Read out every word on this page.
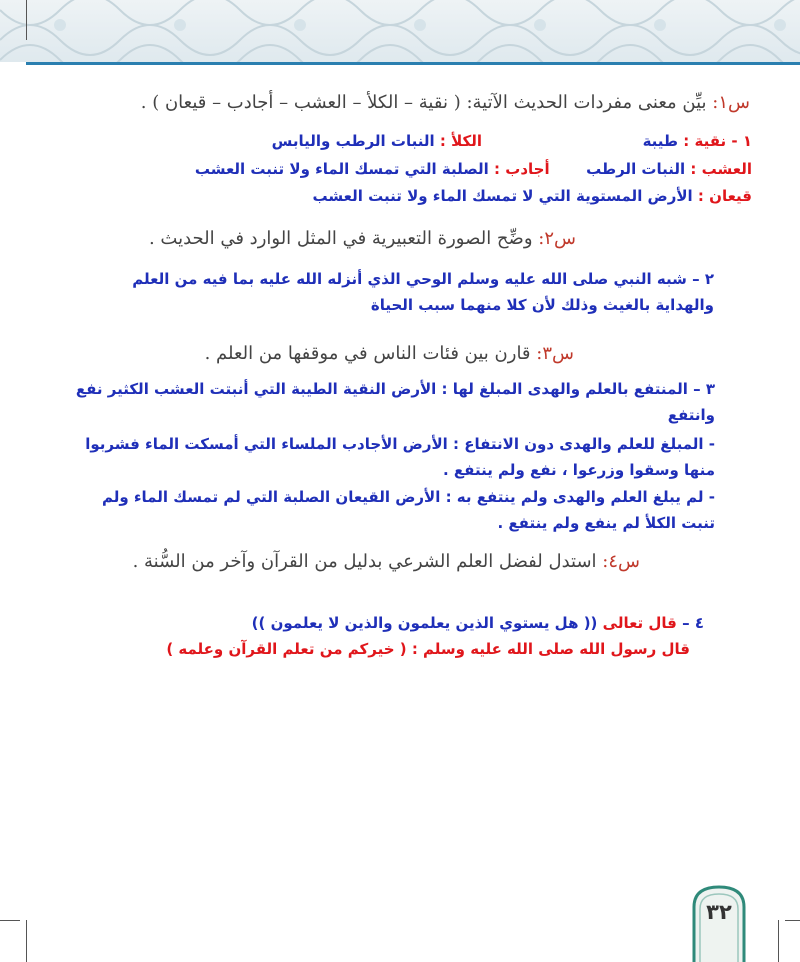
س١: بيِّن معنى مفردات الحديث الآتية: ( نقية – الكلأ – العشب – أجادب – قيعان ) .
١ - نقية : طيبة
الكلأ : النبات الرطب واليابس
العشب : النبات الرطب  أجادب : الصلبة التي تمسك الماء ولا تنبت العشب
قيعان : الأرض المستوية التي لا تمسك الماء ولا تنبت العشب
س٢: وضِّح الصورة التعبيرية في المثل الوارد في الحديث .
٢ – شبه النبي صلى الله عليه وسلم الوحي الذي أنزله الله عليه بما فيه من العلم
والهداية بالغيث وذلك لأن كلا منهما سبب الحياة
س٣: قارن بين فئات الناس في موقفها من العلم .
٣ – المنتفع بالعلم والهدى المبلغ لها : الأرض النقية الطيبة التي أنبتت العشب الكثير نفع
وانتفع
- المبلغ للعلم والهدى دون الانتفاع : الأرض الأجادب الملساء التي أمسكت الماء فشربوا
منها وسقوا وزرعوا ، نفع ولم ينتفع .
- لم يبلغ العلم والهدى ولم ينتفع به : الأرض القيعان الصلبة التي لم تمسك الماء ولم
تنبت الكلأ لم ينفع ولم ينتفع .
س٤: استدل لفضل العلم الشرعي بدليل من القرآن وآخر من السُّنة .
٤ – قال تعالى (( هل يستوي الذين يعلمون والذين لا يعلمون ))
قال رسول الله صلى الله عليه وسلم : ( خيركم من تعلم القرآن وعلمه )
٣٢
